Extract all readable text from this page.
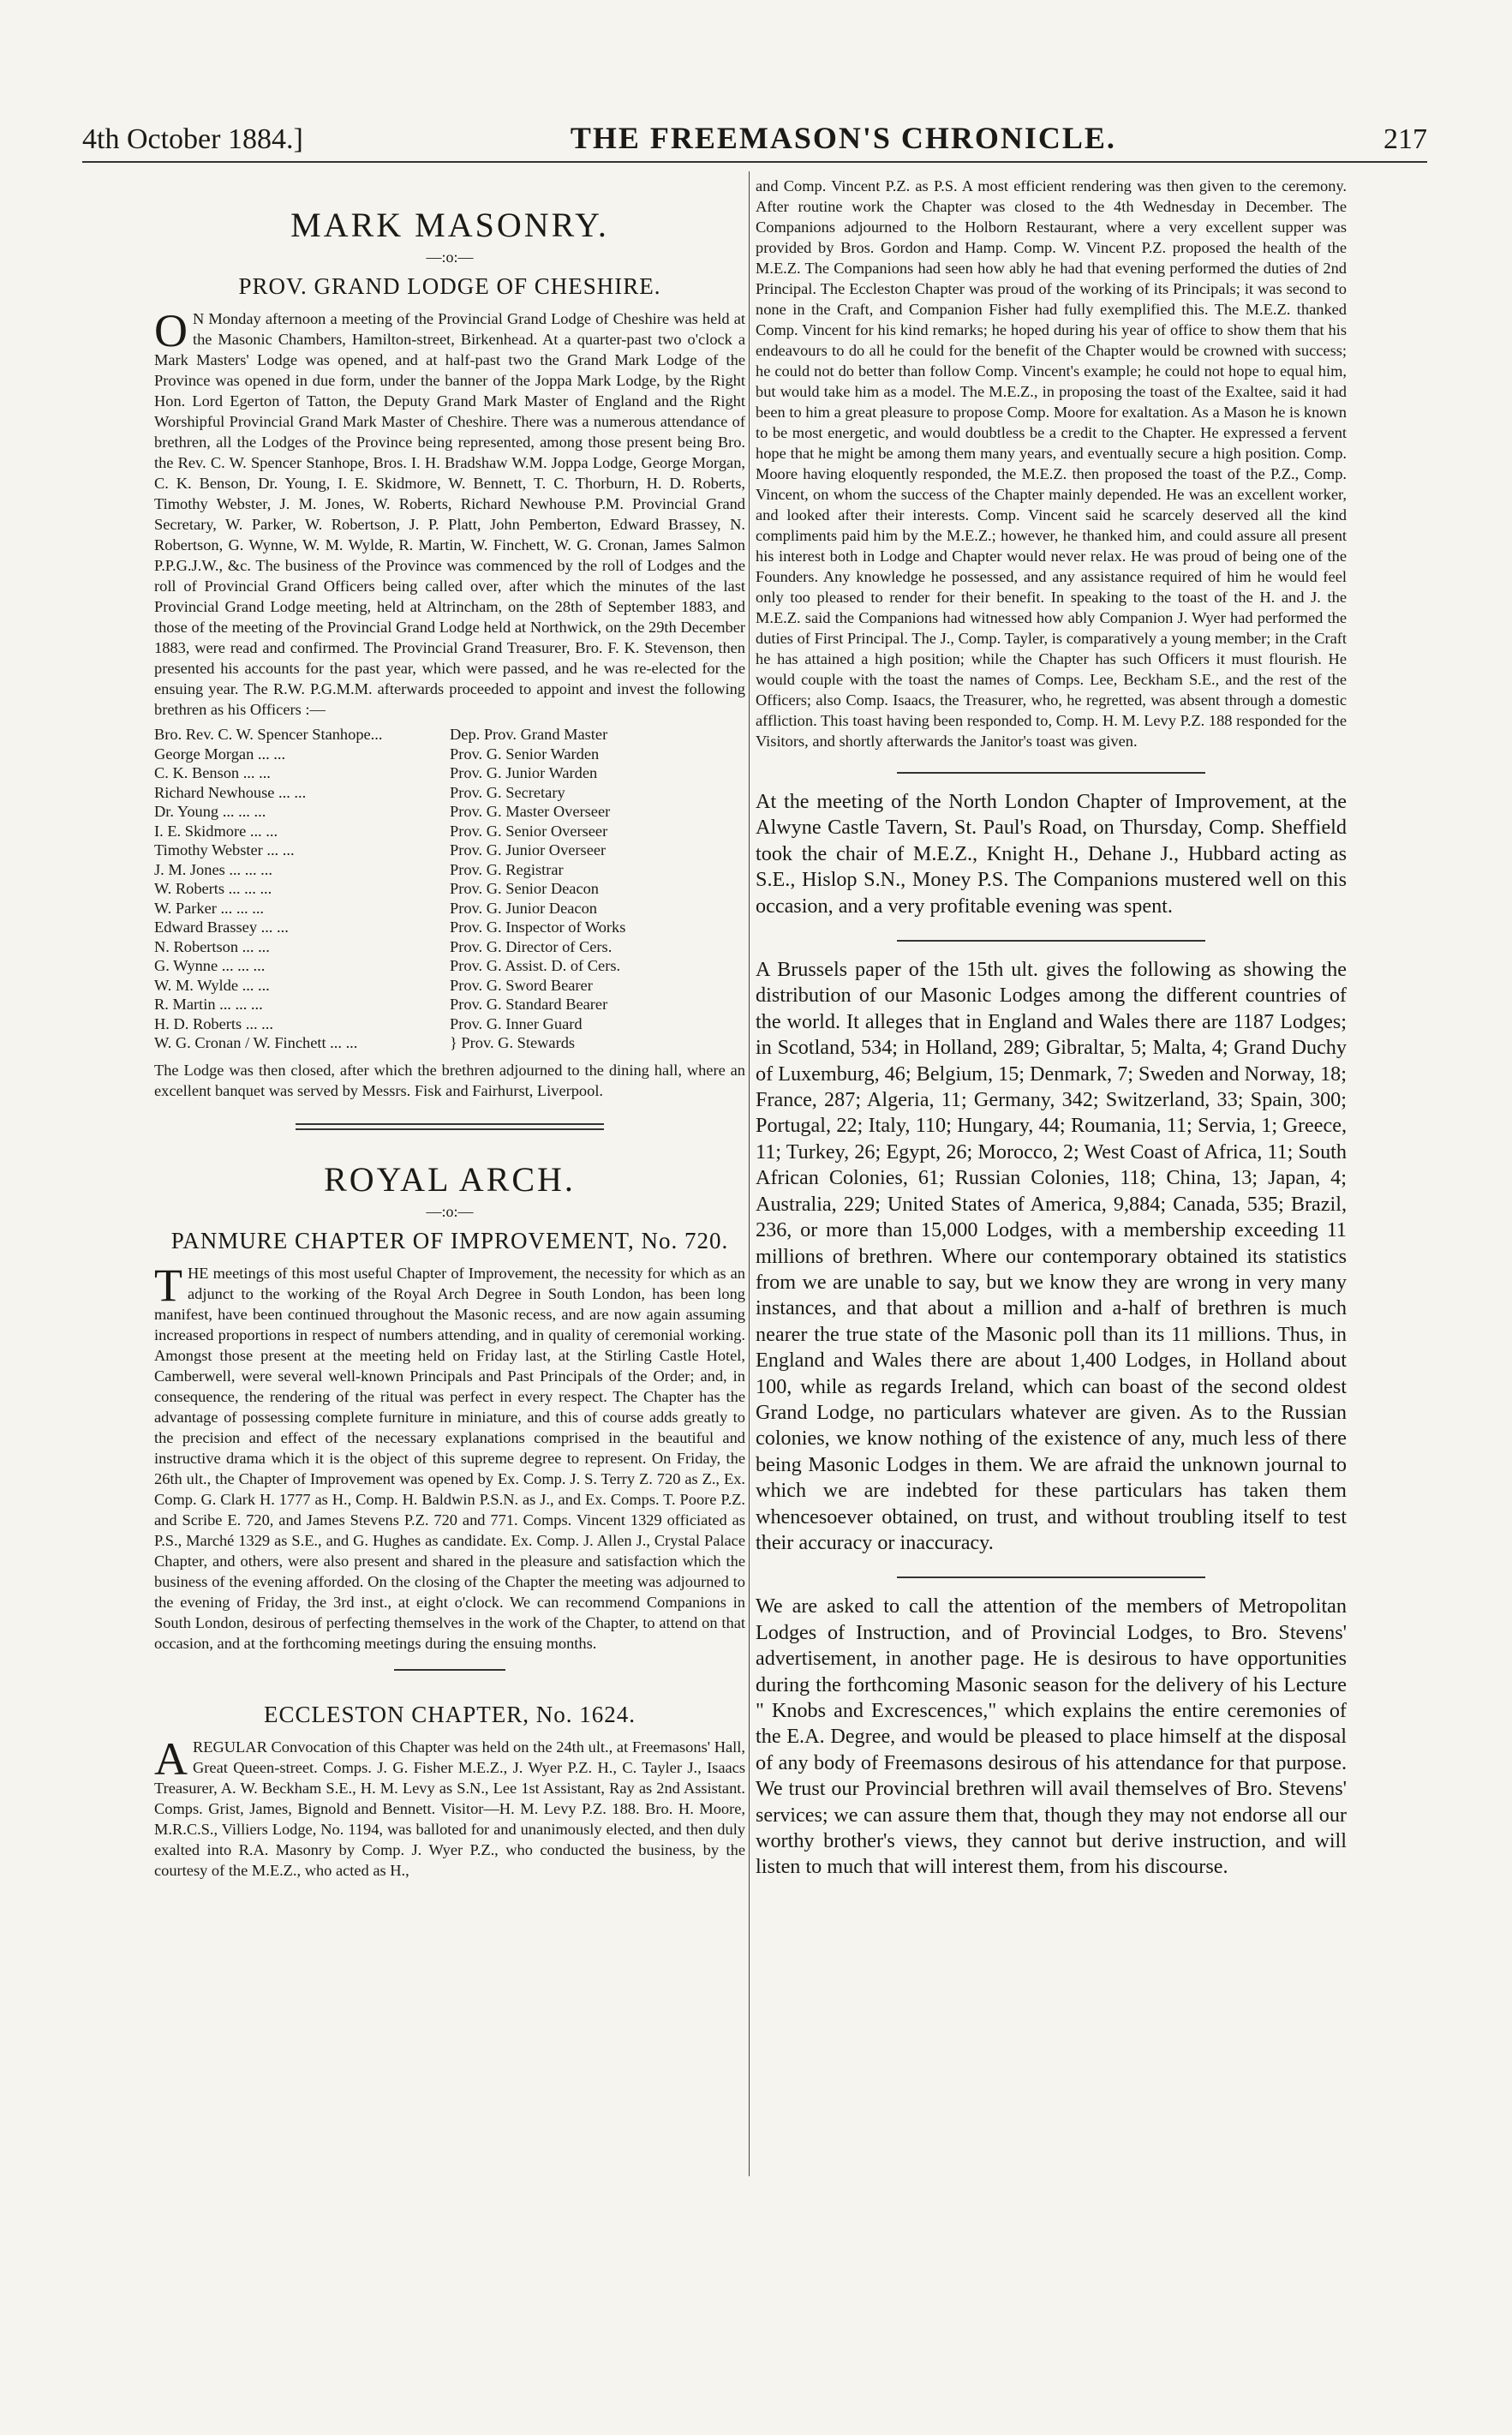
4th October 1884.]	THE FREEMASON'S CHRONICLE.	217
MARK MASONRY.
—:o:—
PROV. GRAND LODGE OF CHESHIRE.

ON Monday afternoon a meeting of the Provincial Grand Lodge of Cheshire was held at the Masonic Chambers, Hamilton-street, Birkenhead. At a quarter-past two o'clock a Mark Masters' Lodge was opened, and at half-past two the Grand Mark Lodge of the Province was opened in due form, under the banner of the Joppa Mark Lodge, by the Right Hon. Lord Egerton of Tatton, the Deputy Grand Mark Master of England and the Right Worshipful Provincial Grand Mark Master of Cheshire. There was a numerous attendance of brethren, all the Lodges of the Province being represented, among those present being Bro. the Rev. C. W. Spencer Stanhope, Bros. I. H. Bradshaw W.M. Joppa Lodge, George Morgan, C. K. Benson, Dr. Young, I. E. Skidmore, W. Bennett, T. C. Thorburn, H. D. Roberts, Timothy Webster, J. M. Jones, W. Roberts, Richard Newhouse P.M. Provincial Grand Secretary, W. Parker, W. Robertson, J. P. Platt, John Pemberton, Edward Brassey, N. Robertson, G. Wynne, W. M. Wylde, R. Martin, W. Finchett, W. G. Cronan, James Salmon P.P.G.J.W., &c. The business of the Province was commenced by the roll of Lodges and the roll of Provincial Grand Officers being called over, after which the minutes of the last Provincial Grand Lodge meeting, held at Altrincham, on the 28th of September 1883, and those of the meeting of the Provincial Grand Lodge held at Northwick, on the 29th December 1883, were read and confirmed. The Provincial Grand Treasurer, Bro. F. K. Stevenson, then presented his accounts for the past year, which were passed, and he was re-elected for the ensuing year. The R.W. P.G.M.M. afterwards proceeded to appoint and invest the following brethren as his Officers :—

Bro. Rev. C. W. Spencer Stanhope...	Dep. Prov. Grand Master
George Morgan ... ...	Prov. G. Senior Warden
C. K. Benson ... ...	Prov. G. Junior Warden
Richard Newhouse ... ...	Prov. G. Secretary
Dr. Young ... ... ...	Prov. G. Master Overseer
I. E. Skidmore ... ...	Prov. G. Senior Overseer
Timothy Webster ... ...	Prov. G. Junior Overseer
J. M. Jones ... ... ...	Prov. G. Registrar
W. Roberts ... ... ...	Prov. G. Senior Deacon
W. Parker ... ... ...	Prov. G. Junior Deacon
Edward Brassey ... ...	Prov. G. Inspector of Works
N. Robertson ... ...	Prov. G. Director of Cers.
G. Wynne ... ... ...	Prov. G. Assist. D. of Cers.
W. M. Wylde ... ...	Prov. G. Sword Bearer
R. Martin ... ... ...	Prov. G. Standard Bearer
H. D. Roberts ... ...	Prov. G. Inner Guard
W. G. Cronan / W. Finchett ... ...	} Prov. G. Stewards

The Lodge was then closed, after which the brethren adjourned to the dining hall, where an excellent banquet was served by Messrs. Fisk and Fairhurst, Liverpool.

ROYAL ARCH.
—:o:—
PANMURE CHAPTER OF IMPROVEMENT, No. 720.

THE meetings of this most useful Chapter of Improvement, the necessity for which as an adjunct to the working of the Royal Arch Degree in South London, has been long manifest, have been continued throughout the Masonic recess, and are now again assuming increased proportions in respect of numbers attending, and in quality of ceremonial working. Amongst those present at the meeting held on Friday last, at the Stirling Castle Hotel, Camberwell, were several well-known Principals and Past Principals of the Order; and, in consequence, the rendering of the ritual was perfect in every respect. The Chapter has the advantage of possessing complete furniture in miniature, and this of course adds greatly to the precision and effect of the necessary explanations comprised in the beautiful and instructive drama which it is the object of this supreme degree to represent. On Friday, the 26th ult., the Chapter of Improvement was opened by Ex. Comp. J. S. Terry Z. 720 as Z., Ex. Comp. G. Clark H. 1777 as H., Comp. H. Baldwin P.S.N. as J., and Ex. Comps. T. Poore P.Z. and Scribe E. 720, and James Stevens P.Z. 720 and 771. Comps. Vincent 1329 officiated as P.S., Marché 1329 as S.E., and G. Hughes as candidate. Ex. Comp. J. Allen J., Crystal Palace Chapter, and others, were also present and shared in the pleasure and satisfaction which the business of the evening afforded. On the closing of the Chapter the meeting was adjourned to the evening of Friday, the 3rd inst., at eight o'clock. We can recommend Companions in South London, desirous of perfecting themselves in the work of the Chapter, to attend on that occasion, and at the forthcoming meetings during the ensuing months.

ECCLESTON CHAPTER, No. 1624.

AREGULAR Convocation of this Chapter was held on the 24th ult., at Freemasons' Hall, Great Queen-street. Comps. J. G. Fisher M.E.Z., J. Wyer P.Z. H., C. Tayler J., Isaacs Treasurer, A. W. Beckham S.E., H. M. Levy as S.N., Lee 1st Assistant, Ray as 2nd Assistant. Comps. Grist, James, Bignold and Bennett. Visitor—H. M. Levy P.Z. 188. Bro. H. Moore, M.R.C.S., Villiers Lodge, No. 1194, was balloted for and unanimously elected, and then duly exalted into R.A. Masonry by Comp. J. Wyer P.Z., who conducted the business, by the courtesy of the M.E.Z., who acted as H.,

and Comp. Vincent P.Z. as P.S. A most efficient rendering was then given to the ceremony. After routine work the Chapter was closed to the 4th Wednesday in December. The Companions adjourned to the Holborn Restaurant, where a very excellent supper was provided by Bros. Gordon and Hamp. Comp. W. Vincent P.Z. proposed the health of the M.E.Z. The Companions had seen how ably he had that evening performed the duties of 2nd Principal. The Eccleston Chapter was proud of the working of its Principals; it was second to none in the Craft, and Companion Fisher had fully exemplified this. The M.E.Z. thanked Comp. Vincent for his kind remarks; he hoped during his year of office to show them that his endeavours to do all he could for the benefit of the Chapter would be crowned with success; he could not do better than follow Comp. Vincent's example; he could not hope to equal him, but would take him as a model. The M.E.Z., in proposing the toast of the Exaltee, said it had been to him a great pleasure to propose Comp. Moore for exaltation. As a Mason he is known to be most energetic, and would doubtless be a credit to the Chapter. He expressed a fervent hope that he might be among them many years, and eventually secure a high position. Comp. Moore having eloquently responded, the M.E.Z. then proposed the toast of the P.Z., Comp. Vincent, on whom the success of the Chapter mainly depended. He was an excellent worker, and looked after their interests. Comp. Vincent said he scarcely deserved all the kind compliments paid him by the M.E.Z.; however, he thanked him, and could assure all present his interest both in Lodge and Chapter would never relax. He was proud of being one of the Founders. Any knowledge he possessed, and any assistance required of him he would feel only too pleased to render for their benefit. In speaking to the toast of the H. and J. the M.E.Z. said the Companions had witnessed how ably Companion J. Wyer had performed the duties of First Principal. The J., Comp. Tayler, is comparatively a young member; in the Craft he has attained a high position; while the Chapter has such Officers it must flourish. He would couple with the toast the names of Comps. Lee, Beckham S.E., and the rest of the Officers; also Comp. Isaacs, the Treasurer, who, he regretted, was absent through a domestic affliction. This toast having been responded to, Comp. H. M. Levy P.Z. 188 responded for the Visitors, and shortly afterwards the Janitor's toast was given.

At the meeting of the North London Chapter of Improvement, at the Alwyne Castle Tavern, St. Paul's Road, on Thursday, Comp. Sheffield took the chair of M.E.Z., Knight H., Dehane J., Hubbard acting as S.E., Hislop S.N., Money P.S. The Companions mustered well on this occasion, and a very profitable evening was spent.

A Brussels paper of the 15th ult. gives the following as showing the distribution of our Masonic Lodges among the different countries of the world. It alleges that in England and Wales there are 1187 Lodges; in Scotland, 534; in Holland, 289; Gibraltar, 5; Malta, 4; Grand Duchy of Luxemburg, 46; Belgium, 15; Denmark, 7; Sweden and Norway, 18; France, 287; Algeria, 11; Germany, 342; Switzerland, 33; Spain, 300; Portugal, 22; Italy, 110; Hungary, 44; Roumania, 11; Servia, 1; Greece, 11; Turkey, 26; Egypt, 26; Morocco, 2; West Coast of Africa, 11; South African Colonies, 61; Russian Colonies, 118; China, 13; Japan, 4; Australia, 229; United States of America, 9,884; Canada, 535; Brazil, 236, or more than 15,000 Lodges, with a membership exceeding 11 millions of brethren. Where our contemporary obtained its statistics from we are unable to say, but we know they are wrong in very many instances, and that about a million and a-half of brethren is much nearer the true state of the Masonic poll than its 11 millions. Thus, in England and Wales there are about 1,400 Lodges, in Holland about 100, while as regards Ireland, which can boast of the second oldest Grand Lodge, no particulars whatever are given. As to the Russian colonies, we know nothing of the existence of any, much less of there being Masonic Lodges in them. We are afraid the unknown journal to which we are indebted for these particulars has taken them whencesoever obtained, on trust, and without troubling itself to test their accuracy or inaccuracy.

We are asked to call the attention of the members of Metropolitan Lodges of Instruction, and of Provincial Lodges, to Bro. Stevens' advertisement, in another page. He is desirous to have opportunities during the forthcoming Masonic season for the delivery of his Lecture " Knobs and Excrescences," which explains the entire ceremonies of the E.A. Degree, and would be pleased to place himself at the disposal of any body of Freemasons desirous of his attendance for that purpose. We trust our Provincial brethren will avail themselves of Bro. Stevens' services; we can assure them that, though they may not endorse all our worthy brother's views, they cannot but derive instruction, and will listen to much that will interest them, from his discourse.
